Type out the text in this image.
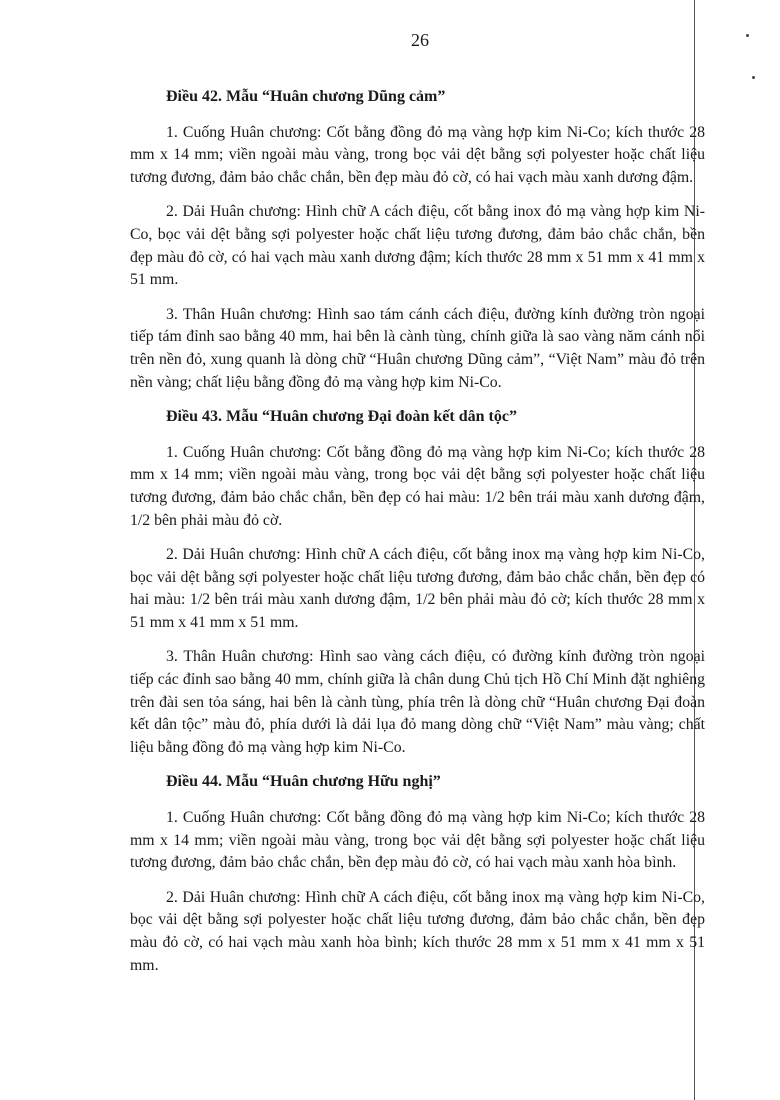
26
Điều 42. Mẫu “Huân chương Dũng cảm”

1. Cuống Huân chương: Cốt bằng đồng đỏ mạ vàng hợp kim Ni-Co; kích thước 28 mm x 14 mm; viền ngoài màu vàng, trong bọc vải dệt bằng sợi polyester hoặc chất liệu tương đương, đảm bảo chắc chắn, bền đẹp màu đỏ cờ, có hai vạch màu xanh dương đậm.

2. Dải Huân chương: Hình chữ A cách điệu, cốt bằng inox đỏ mạ vàng hợp kim Ni-Co, bọc vải dệt bằng sợi polyester hoặc chất liệu tương đương, đảm bảo chắc chắn, bền đẹp màu đỏ cờ, có hai vạch màu xanh dương đậm; kích thước 28 mm x 51 mm x 41 mm x 51 mm.

3. Thân Huân chương: Hình sao tám cánh cách điệu, đường kính đường tròn ngoại tiếp tám đỉnh sao bằng 40 mm, hai bên là cành tùng, chính giữa là sao vàng năm cánh nổi trên nền đỏ, xung quanh là dòng chữ “Huân chương Dũng cảm”, “Việt Nam” màu đỏ trên nền vàng; chất liệu bằng đồng đỏ mạ vàng hợp kim Ni-Co.

Điều 43. Mẫu “Huân chương Đại đoàn kết dân tộc”

1. Cuống Huân chương: Cốt bằng đồng đỏ mạ vàng hợp kim Ni-Co; kích thước 28 mm x 14 mm; viền ngoài màu vàng, trong bọc vải dệt bằng sợi polyester hoặc chất liệu tương đương, đảm bảo chắc chắn, bền đẹp có hai màu: 1/2 bên trái màu xanh dương đậm, 1/2 bên phải màu đỏ cờ.

2. Dải Huân chương: Hình chữ A cách điệu, cốt bằng inox mạ vàng hợp kim Ni-Co, bọc vải dệt bằng sợi polyester hoặc chất liệu tương đương, đảm bảo chắc chắn, bền đẹp có hai màu: 1/2 bên trái màu xanh dương đậm, 1/2 bên phải màu đỏ cờ; kích thước 28 mm x 51 mm x 41 mm x 51 mm.

3. Thân Huân chương: Hình sao vàng cách điệu, có đường kính đường tròn ngoại tiếp các đỉnh sao bằng 40 mm, chính giữa là chân dung Chủ tịch Hồ Chí Minh đặt nghiêng trên đài sen tỏa sáng, hai bên là cành tùng, phía trên là dòng chữ “Huân chương Đại đoàn kết dân tộc” màu đỏ, phía dưới là dải lụa đỏ mang dòng chữ “Việt Nam” màu vàng; chất liệu bằng đồng đỏ mạ vàng hợp kim Ni-Co.

Điều 44. Mẫu “Huân chương Hữu nghị”

1. Cuống Huân chương: Cốt bằng đồng đỏ mạ vàng hợp kim Ni-Co; kích thước 28 mm x 14 mm; viền ngoài màu vàng, trong bọc vải dệt bằng sợi polyester hoặc chất liệu tương đương, đảm bảo chắc chắn, bền đẹp màu đỏ cờ, có hai vạch màu xanh hòa bình.

2. Dải Huân chương: Hình chữ A cách điệu, cốt bằng inox mạ vàng hợp kim Ni-Co, bọc vải dệt bằng sợi polyester hoặc chất liệu tương đương, đảm bảo chắc chắn, bền đẹp màu đỏ cờ, có hai vạch màu xanh hòa bình; kích thước 28 mm x 51 mm x 41 mm x 51 mm.
